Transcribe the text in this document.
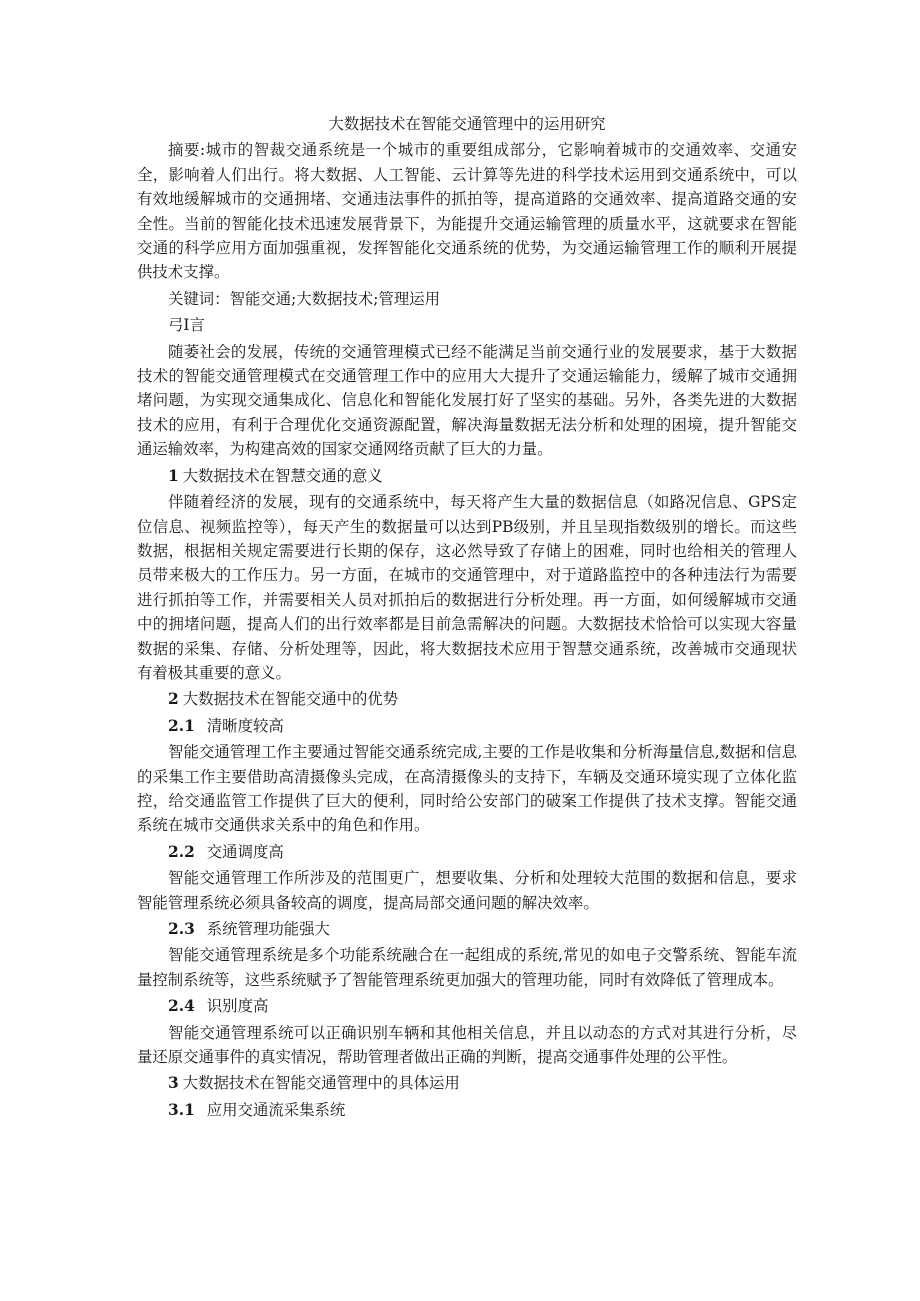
大数据技术在智能交通管理中的运用研究

摘要:城市的智裁交通系统是一个城市的重要组成部分，它影响着城市的交通效率、交通安全，影响着人们出行。将大数据、人工智能、云计算等先进的科学技术运用到交通系统中，可以有效地缓解城市的交通拥堵、交通违法事件的抓拍等，提高道路的交通效率、提高道路交通的安全性。当前的智能化技术迅速发展背景下，为能提升交通运输管理的质量水平，这就要求在智能交通的科学应用方面加强重视，发挥智能化交通系统的优势，为交通运输管理工作的顺利开展提供技术支撑。

关键词：智能交通;大数据技术;管理运用

弓I言

随萎社会的发展，传统的交通管理模式已经不能满足当前交通行业的发展要求，基于大数据技术的智能交通管理模式在交通管理工作中的应用大大提升了交通运输能力，缓解了城市交通拥堵问题，为实现交通集成化、信息化和智能化发展打好了坚实的基础。另外，各类先进的大数据技术的应用，有利于合理优化交通资源配置，解决海量数据无法分析和处理的困境，提升智能交通运输效率，为构建高效的国家交通网络贡献了巨大的力量。

1 大数据技术在智慧交通的意义

伴随着经济的发展，现有的交通系统中，每天将产生大量的数据信息（如路况信息、GPS定位信息、视频监控等），每天产生的数据量可以达到PB级别，并且呈现指数级别的增长。而这些数据，根据相关规定需要进行长期的保存，这必然导致了存储上的困难，同时也给相关的管理人员带来极大的工作压力。另一方面，在城市的交通管理中，对于道路监控中的各种违法行为需要进行抓拍等工作，并需要相关人员对抓拍后的数据进行分析处理。再一方面，如何缓解城市交通中的拥堵问题，提高人们的出行效率都是目前急需解决的问题。大数据技术恰恰可以实现大容量数据的采集、存储、分析处理等，因此，将大数据技术应用于智慧交通系统，改善城市交通现状有着极其重要的意义。

2 大数据技术在智能交通中的优势
2.1 清晰度较高

智能交通管理工作主要通过智能交通系统完成,主要的工作是收集和分析海量信息,数据和信息的采集工作主要借助高清摄像头完成，在高清摄像头的支持下，车辆及交通环境实现了立体化监控，给交通监管工作提供了巨大的便利，同时给公安部门的破案工作提供了技术支撑。智能交通系统在城市交通供求关系中的角色和作用。

2.2 交通调度高

智能交通管理工作所涉及的范围更广，想要收集、分析和处理较大范围的数据和信息，要求智能管理系统必须具备较高的调度，提高局部交通问题的解决效率。

2.3 系统管理功能强大

智能交通管理系统是多个功能系统融合在一起组成的系统,常见的如电子交警系统、智能车流量控制系统等，这些系统赋予了智能管理系统更加强大的管理功能，同时有效降低了管理成本。

2.4 识别度高

智能交通管理系统可以正确识别车辆和其他相关信息，并且以动态的方式对其进行分析，尽量还原交通事件的真实情况，帮助管理者做出正确的判断，提高交通事件处理的公平性。

3 大数据技术在智能交通管理中的具体运用
3.1 应用交通流采集系统
